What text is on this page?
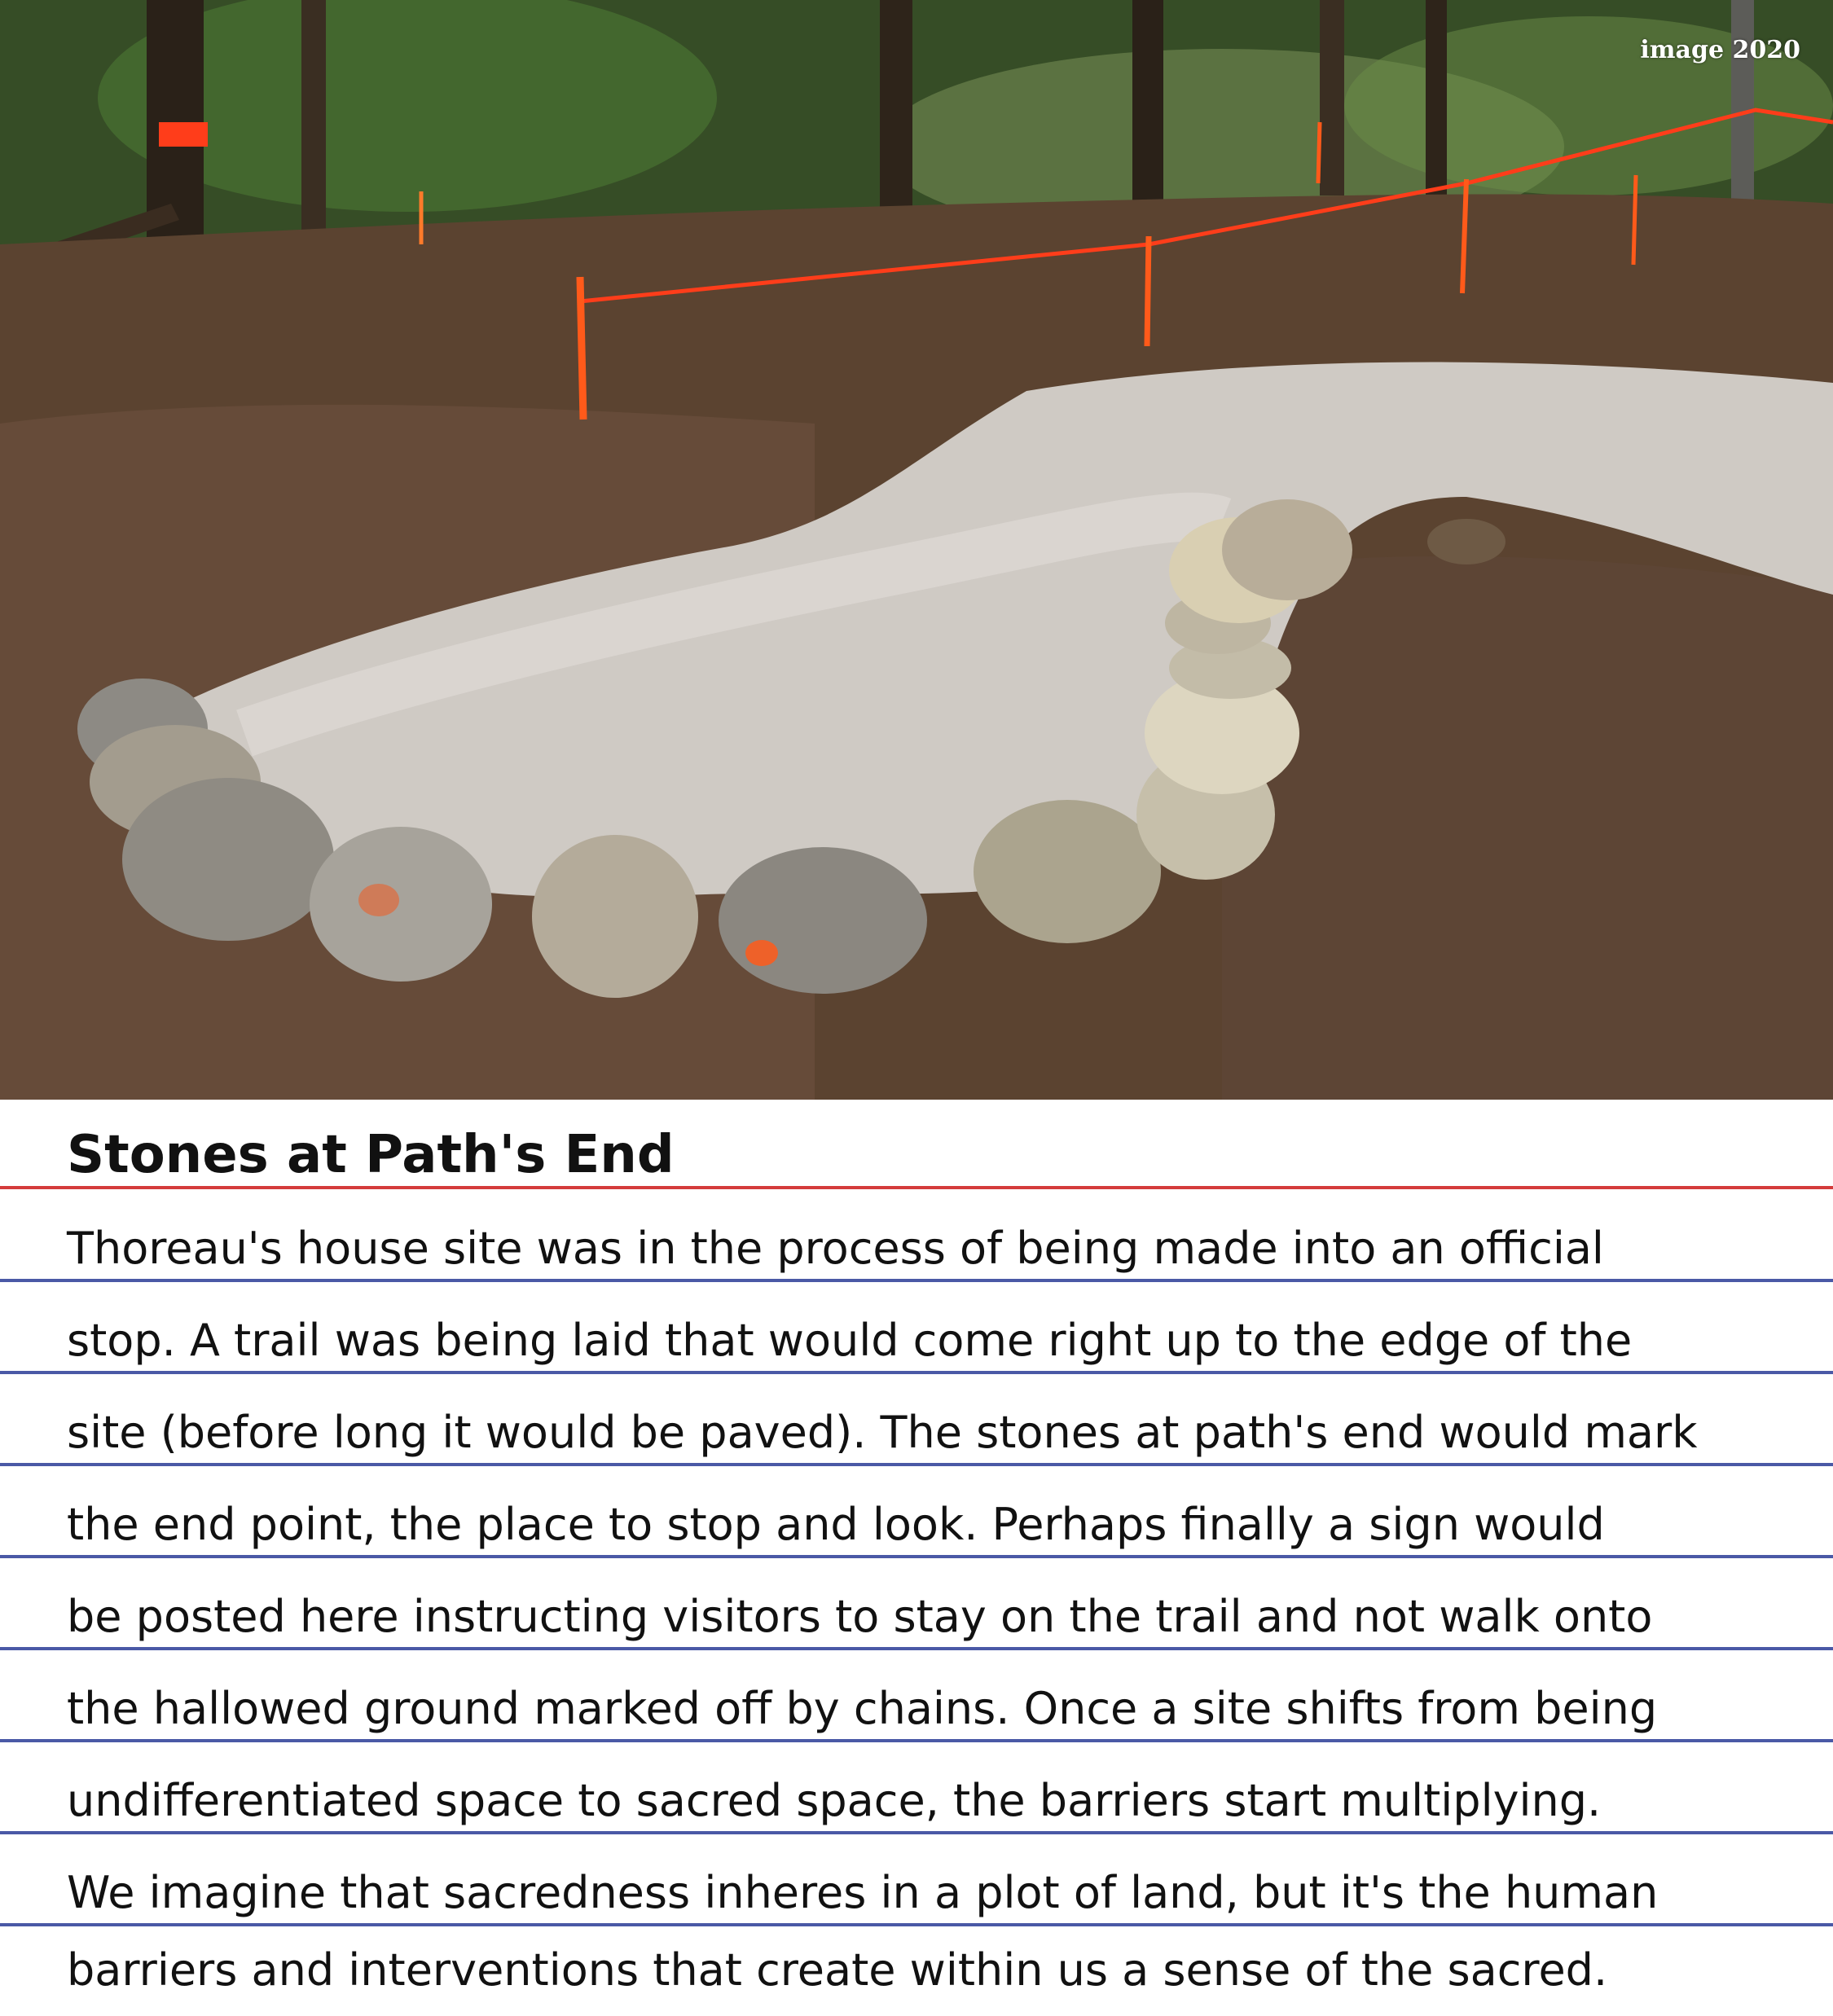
image 2020
Stones at Path's End
Thoreau's house site was in the process of being made into an official
stop. A trail was being laid that would come right up to the edge of the
site (before long it would be paved). The stones at path's end would mark
the end point, the place to stop and look. Perhaps finally a sign would
be posted here instructing visitors to stay on the trail and not walk onto
the hallowed ground marked off by chains. Once a site shifts from being
undifferentiated space to sacred space, the barriers start multiplying.
We imagine that sacredness inheres in a plot of land, but it's the human
barriers and interventions that create within us a sense of the sacred.
